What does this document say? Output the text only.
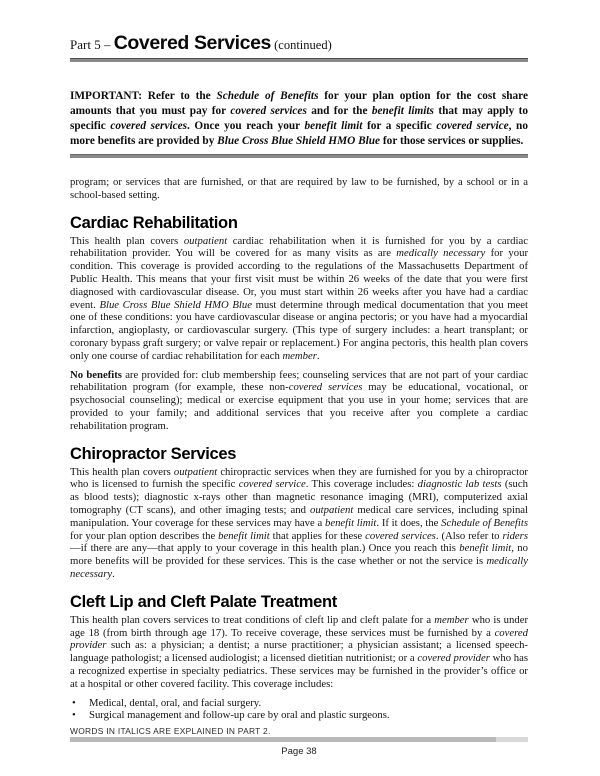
Part 5 – Covered Services (continued)
IMPORTANT: Refer to the Schedule of Benefits for your plan option for the cost share amounts that you must pay for covered services and for the benefit limits that may apply to specific covered services. Once you reach your benefit limit for a specific covered service, no more benefits are provided by Blue Cross Blue Shield HMO Blue for those services or supplies.

program; or services that are furnished, or that are required by law to be furnished, by a school or in a school-based setting.

Cardiac Rehabilitation

This health plan covers outpatient cardiac rehabilitation when it is furnished for you by a cardiac rehabilitation provider. You will be covered for as many visits as are medically necessary for your condition. This coverage is provided according to the regulations of the Massachusetts Department of Public Health. This means that your first visit must be within 26 weeks of the date that you were first diagnosed with cardiovascular disease. Or, you must start within 26 weeks after you have had a cardiac event. Blue Cross Blue Shield HMO Blue must determine through medical documentation that you meet one of these conditions: you have cardiovascular disease or angina pectoris; or you have had a myocardial infarction, angioplasty, or cardiovascular surgery. (This type of surgery includes: a heart transplant; or coronary bypass graft surgery; or valve repair or replacement.) For angina pectoris, this health plan covers only one course of cardiac rehabilitation for each member.

No benefits are provided for: club membership fees; counseling services that are not part of your cardiac rehabilitation program (for example, these non-covered services may be educational, vocational, or psychosocial counseling); medical or exercise equipment that you use in your home; services that are provided to your family; and additional services that you receive after you complete a cardiac rehabilitation program.

Chiropractor Services

This health plan covers outpatient chiropractic services when they are furnished for you by a chiropractor who is licensed to furnish the specific covered service. This coverage includes: diagnostic lab tests (such as blood tests); diagnostic x-rays other than magnetic resonance imaging (MRI), computerized axial tomography (CT scans), and other imaging tests; and outpatient medical care services, including spinal manipulation. Your coverage for these services may have a benefit limit. If it does, the Schedule of Benefits for your plan option describes the benefit limit that applies for these covered services. (Also refer to riders—if there are any—that apply to your coverage in this health plan.) Once you reach this benefit limit, no more benefits will be provided for these services. This is the case whether or not the service is medically necessary.

Cleft Lip and Cleft Palate Treatment

This health plan covers services to treat conditions of cleft lip and cleft palate for a member who is under age 18 (from birth through age 17). To receive coverage, these services must be furnished by a covered provider such as: a physician; a dentist; a nurse practitioner; a physician assistant; a licensed speech-language pathologist; a licensed audiologist; a licensed dietitian nutritionist; or a covered provider who has a recognized expertise in specialty pediatrics. These services may be furnished in the provider’s office or at a hospital or other covered facility. This coverage includes:

• Medical, dental, oral, and facial surgery.
• Surgical management and follow-up care by oral and plastic surgeons.
WORDS IN ITALICS ARE EXPLAINED IN PART 2.
Page 38
